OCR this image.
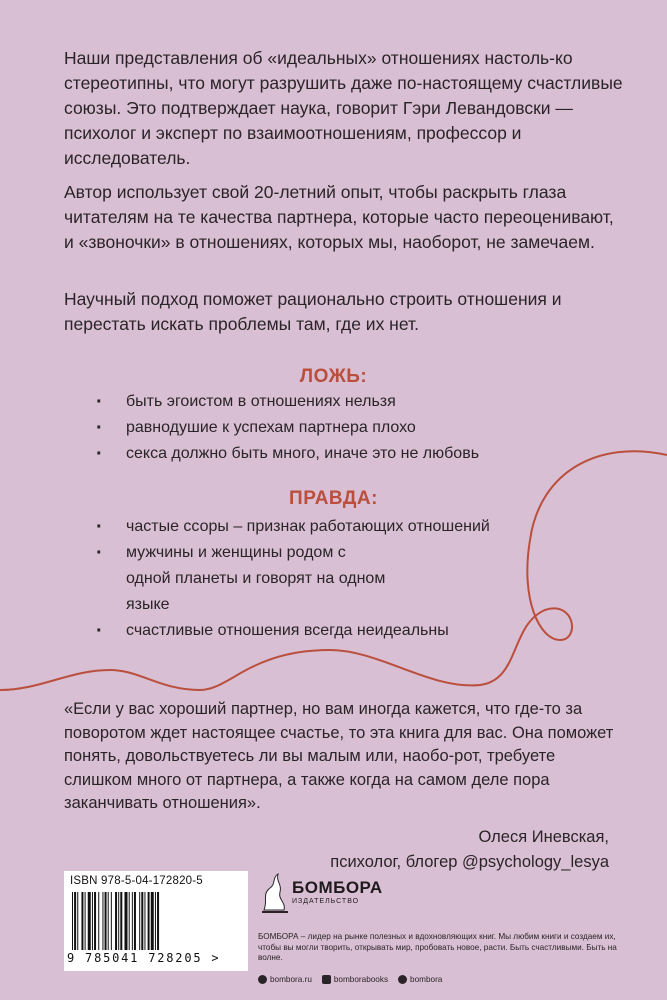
Наши представления об «идеальных» отношениях настоль-ко стереотипны, что могут разрушить даже по-настоящему счастливые союзы. Это подтверждает наука, говорит Гэри Левандовски — психолог и эксперт по взаимоотношениям, профессор и исследователь.

Автор использует свой 20-летний опыт, чтобы раскрыть глаза читателям на те качества партнера, которые часто переоценивают, и «звоночки» в отношениях, которых мы, наоборот, не замечаем.

Научный подход поможет рационально строить отношения и перестать искать проблемы там, где их нет.

ЛОЖЬ:
· быть эгоистом в отношениях нельзя
· равнодушие к успехам партнера плохо
· секса должно быть много, иначе это не любовь
ПРАВДА:
· частые ссоры – признак работающих отношений
· мужчины и женщины родом с одной планеты и говорят на одном языке
· счастливые отношения всегда неидеальны

«Если у вас хороший партнер, но вам иногда кажется, что где-то за поворотом ждет настоящее счастье, то эта книга для вас. Она поможет понять, довольствуетесь ли вы малым или, наобо-рот, требуете слишком много от партнера, а также когда на самом деле пора заканчивать отношения».

Олеся Иневская,
психолог, блогер @psychology_lesya
ISBN 978-5-04-172820-5
9 785041 728205 >
БОМБОРА
ИЗДАТЕЛЬСТВО
БОМБОРА – лидер на рынке полезных и вдохновляющих книг. Мы любим книги и создаем их, чтобы вы могли творить, открывать мир, пробовать новое, расти. Быть счастливыми. Быть на волне.
bombora.ru	bomborabooks	bombora
